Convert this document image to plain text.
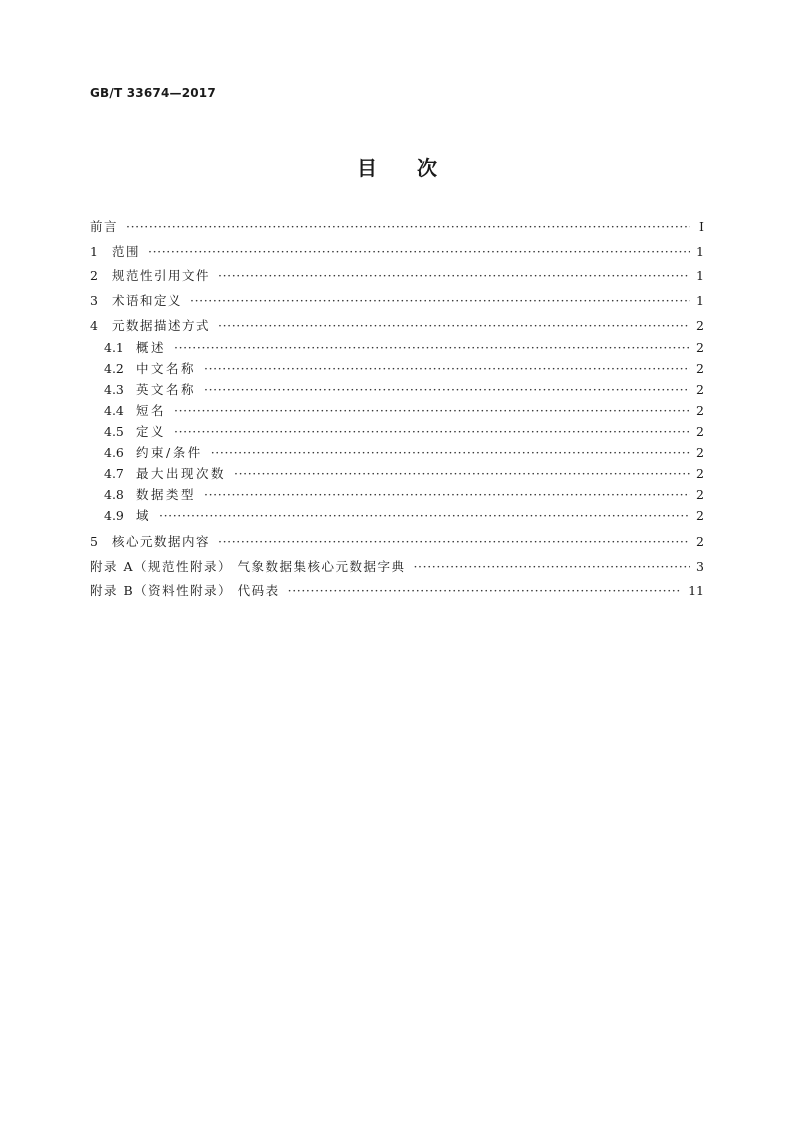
GB/T 33674—2017
目次
前言 ·····	I
1	范围 ·····	1
2	规范性引用文件 ·····	1
3	术语和定义 ·····	1
4	元数据描述方式 ·····	2
4.1 概述 ·····	2
4.2 中文名称 ·····	2
4.3 英文名称 ·····	2
4.4 短名 ·····	2
4.5 定义 ·····	2
4.6 约束/条件 ·····	2
4.7 最大出现次数 ·····	2
4.8 数据类型 ·····	2
4.9 域 ·····	2
5	核心元数据内容 ·····	2
附录 A（规范性附录） 气象数据集核心元数据字典 ·····	3
附录 B（资料性附录） 代码表 ·····	11
